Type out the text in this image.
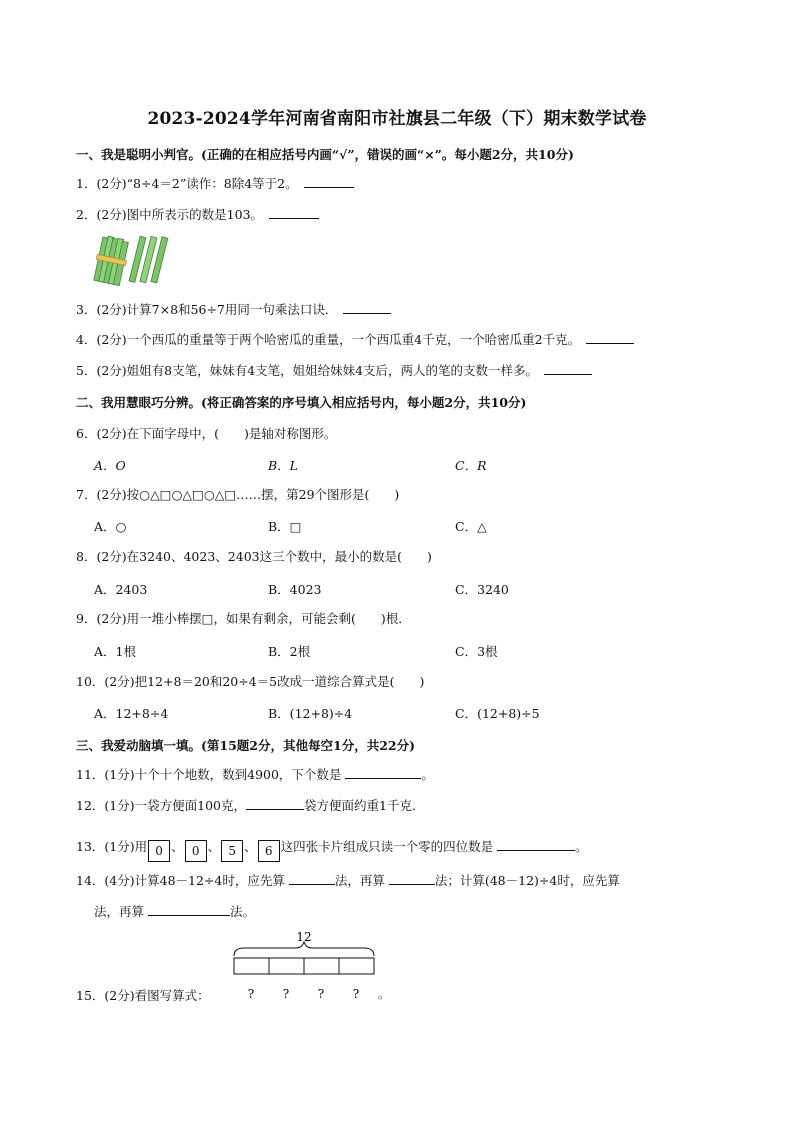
2023-2024学年河南省南阳市社旗县二年级（下）期末数学试卷
一、我是聪明小判官。(正确的在相应括号内画“√”，错误的画“×”。每小题2分，共10分)
1．(2分)“8÷4＝2”读作：8除4等于2。
2．(2分)图中所表示的数是103。
3．(2分)计算7×8和56÷7用同一句乘法口诀．
4．(2分)一个西瓜的重量等于两个哈密瓜的重量，一个西瓜重4千克，一个哈密瓜重2千克。
5．(2分)姐姐有8支笔，妹妹有4支笔，姐姐给妹妹4支后，两人的笔的支数一样多。
二、我用慧眼巧分辨。(将正确答案的序号填入相应括号内，每小题2分，共10分)
6．(2分)在下面字母中，(　　)是轴对称图形。
A．O	B．L	C．R
7．(2分)按○△□○△□○△□……摆，第29个图形是(　　)
A．○	B．□	C．△
8．(2分)在3240、4023、2403这三个数中，最小的数是(　　)
A．2403	B．4023	C．3240
9．(2分)用一堆小棒摆□，如果有剩余，可能会剩(　　)根．
A．1根	B．2根	C．3根
10．(2分)把12+8＝20和20÷4＝5改成一道综合算式是(　　)
A．12+8÷4	B．(12+8)÷4	C．(12+8)÷5
三、我爱动脑填一填。(第15题2分，其他每空1分，共22分)
11．(1分)十个十个地数，数到4900，下个数是	。
12．(1分)一袋方便面100克，	袋方便面约重1千克．
13．(1分)用 0 、 0 、 5 、 6 这四张卡片组成只读一个零的四位数是	。
14．(4分)计算48－12÷4时，应先算	法，再算	法；计算(48－12)÷4时，应先算
法，再算	法。
15．(2分)看图写算式：
12
? ? ? ? 。
